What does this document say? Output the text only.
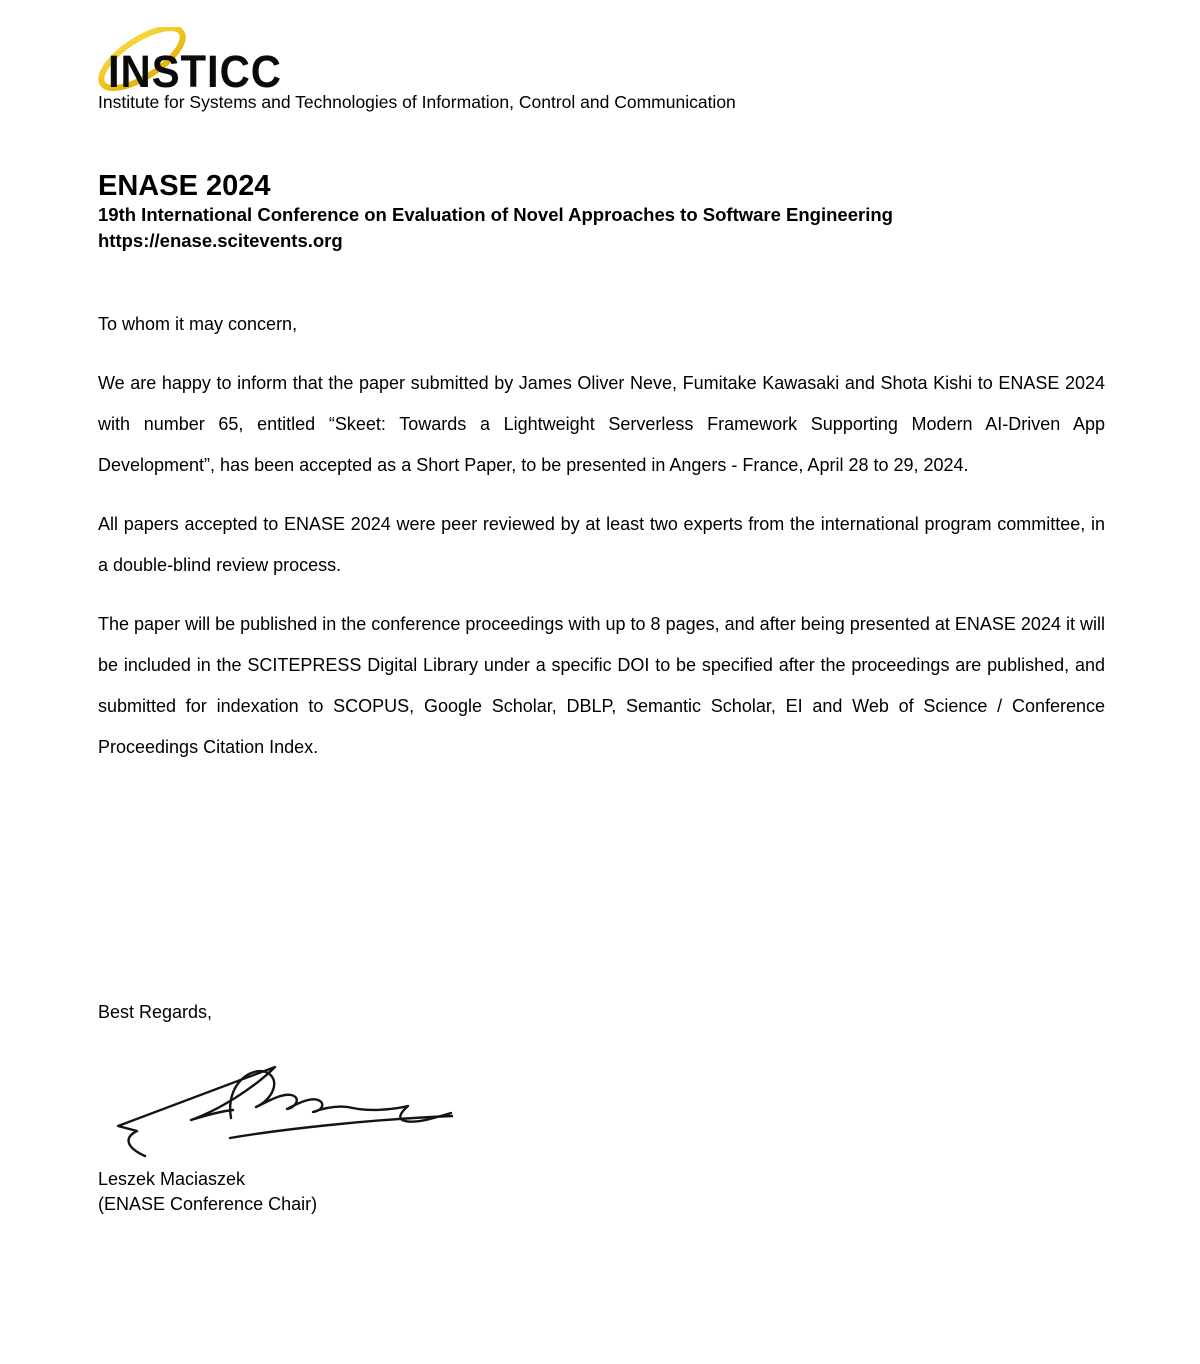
INSTICC
Institute for Systems and Technologies of Information, Control and Communication
ENASE 2024

19th International Conference on Evaluation of Novel Approaches to Software Engineering

https://enase.scitevents.org

To whom it may concern,

We are happy to inform that the paper submitted by James Oliver Neve, Fumitake Kawasaki and Shota Kishi to ENASE 2024 with number 65, entitled “Skeet: Towards a Lightweight Serverless Framework Supporting Modern AI-Driven App Development”, has been accepted as a Short Paper, to be presented in Angers - France, April 28 to 29, 2024.

All papers accepted to ENASE 2024 were peer reviewed by at least two experts from the international program committee, in a double-blind review process.

The paper will be published in the conference proceedings with up to 8 pages, and after being presented at ENASE 2024 it will be included in the SCITEPRESS Digital Library under a specific DOI to be specified after the proceedings are published, and submitted for indexation to SCOPUS, Google Scholar, DBLP, Semantic Scholar, EI and Web of Science / Conference Proceedings Citation Index.

Best Regards,

Leszek Maciaszek

(ENASE Conference Chair)
